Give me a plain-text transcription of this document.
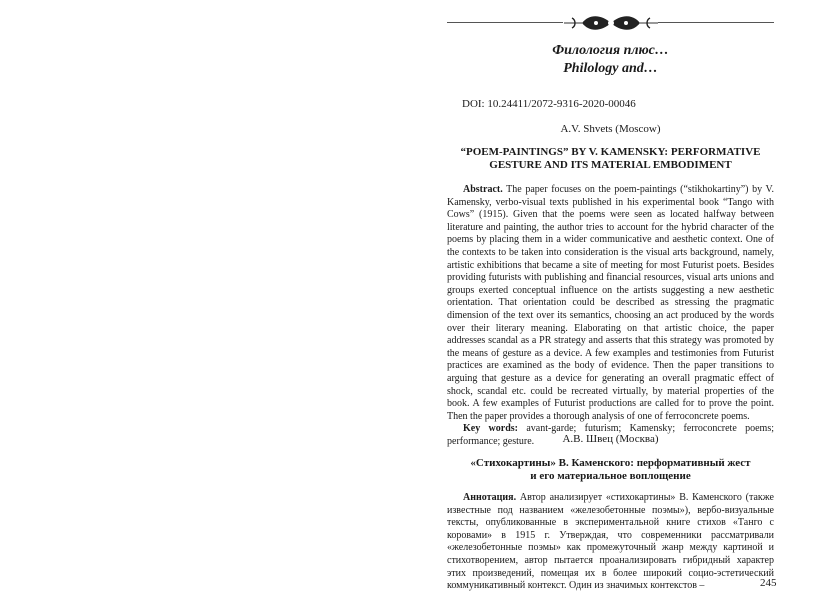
Филология плюс…
Philology and…
DOI: 10.24411/2072-9316-2020-00046
A.V. Shvets (Moscow)
“POEM-PAINTINGS” BY V. KAMENSKY: PERFORMATIVE
GESTURE AND ITS MATERIAL EMBODIMENT

Abstract. The paper focuses on the poem-paintings (“stikhokartiny”) by V. Kamensky, verbo-visual texts published in his experimental book “Tango with Cows” (1915). Given that the poems were seen as located halfway between literature and painting, the author tries to account for the hybrid character of the poems by placing them in a wider communicative and aesthetic context. One of the contexts to be taken into consideration is the visual arts background, namely, artistic exhibitions that became a site of meeting for most Futurist poets. Besides providing futurists with publishing and financial resources, visual arts unions and groups exerted conceptual influence on the artists suggesting a new aesthetic orientation. That orientation could be described as stressing the pragmatic dimension of the text over its semantics, choosing an act produced by the words over their literary meaning. Elaborating on that artistic choice, the paper addresses scandal as a PR strategy and asserts that this strategy was promoted by the means of gesture as a device. A few examples and testimonies from Futurist practices are examined as the body of evidence. Then the paper transitions to arguing that gesture as a device for generating an overall pragmatic effect of shock, scandal etc. could be recreated virtually, by material properties of the book. A few examples of Futurist productions are called for to prove the point. Then the paper provides a thorough analysis of one of ferroconcrete poems.

Key words: avant-garde; futurism; Kamensky; ferroconcrete poems; performance; gesture.	А.В. Швец (Москва)
«Стихокартины» В. Каменского: перформативный жест
и его материальное воплощение

Аннотация. Автор анализирует «стихокартины» В. Каменского (также известные под названием «железобетонные поэмы»), вербо-визуальные тексты, опубликованные в экспериментальной книге стихов «Танго с коровами» в 1915 г. Утверждая, что современники рассматривали «железобетонные поэмы» как промежуточный жанр между картиной и стихотворением, автор пытается проанализировать гибридный характер этих произведений, помещая их в более широкий социо-эстетический коммуникативный контекст. Один из значимых контекстов –	245
